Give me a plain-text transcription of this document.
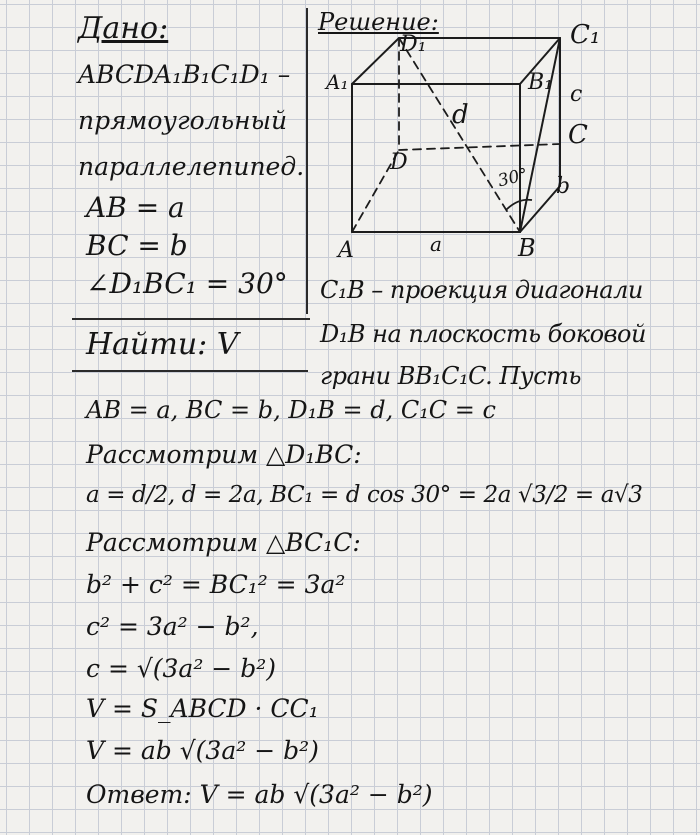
Дано:
ABCDA₁B₁C₁D₁ –
прямоугольный
параллелепипед.
AB = a
BC = b
∠D₁BC₁ = 30°
Найти: V
Решение:
A₁
D₁	C₁
B₁
D
A	B
C
d
a
c
b
30°
C₁B – проекция диагонали
D₁B на плоскость боковой
грани BB₁C₁C. Пусть
AB = a, BC = b, D₁B = d, C₁C = c
Рассмотрим △D₁BC:
a = d/2, d = 2a, BC₁ = d cos 30° = 2a √3/2 = a√3
Рассмотрим △BC₁C:
b² + c² = BC₁² = 3a²
c² = 3a² − b²,
c = √(3a² − b²)
V = S_ABCD · CC₁
V = ab √(3a² − b²)
Ответ: V = ab √(3a² − b²)
